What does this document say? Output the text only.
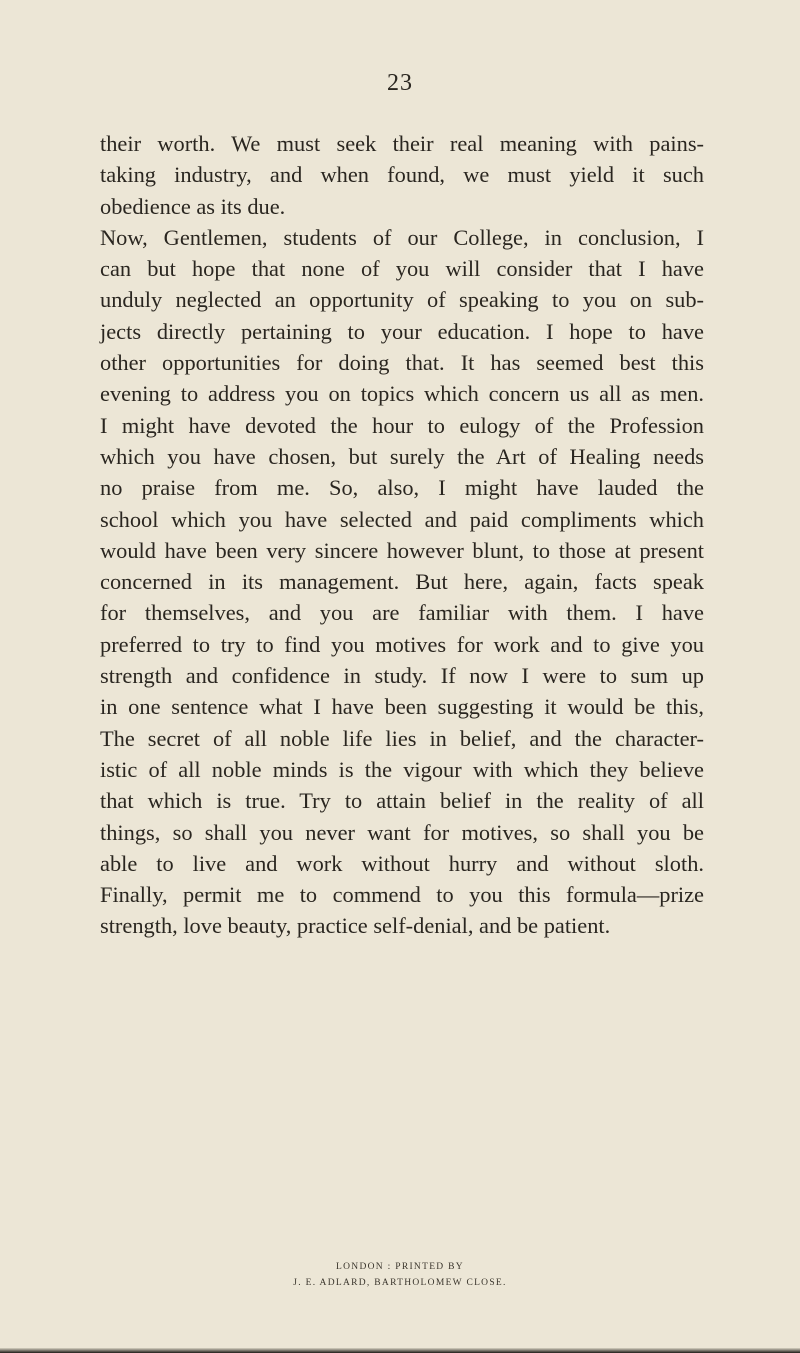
23
their worth. We must seek their real meaning with pains-
taking industry, and when found, we must yield it such
obedience as its due.
Now, Gentlemen, students of our College, in conclusion, I
can but hope that none of you will consider that I have
unduly neglected an opportunity of speaking to you on sub-
jects directly pertaining to your education. I hope to have
other opportunities for doing that. It has seemed best this
evening to address you on topics which concern us all as men.
I might have devoted the hour to eulogy of the Profession
which you have chosen, but surely the Art of Healing needs
no praise from me. So, also, I might have lauded the
school which you have selected and paid compliments which
would have been very sincere however blunt, to those at present
concerned in its management. But here, again, facts speak
for themselves, and you are familiar with them. I have
preferred to try to find you motives for work and to give you
strength and confidence in study. If now I were to sum up
in one sentence what I have been suggesting it would be this,
The secret of all noble life lies in belief, and the character-
istic of all noble minds is the vigour with which they believe
that which is true. Try to attain belief in the reality of all
things, so shall you never want for motives, so shall you be
able to live and work without hurry and without sloth.
Finally, permit me to commend to you this formula—prize
strength, love beauty, practice self-denial, and be patient.
LONDON : PRINTED BY
J. E. ADLARD, BARTHOLOMEW CLOSE.
